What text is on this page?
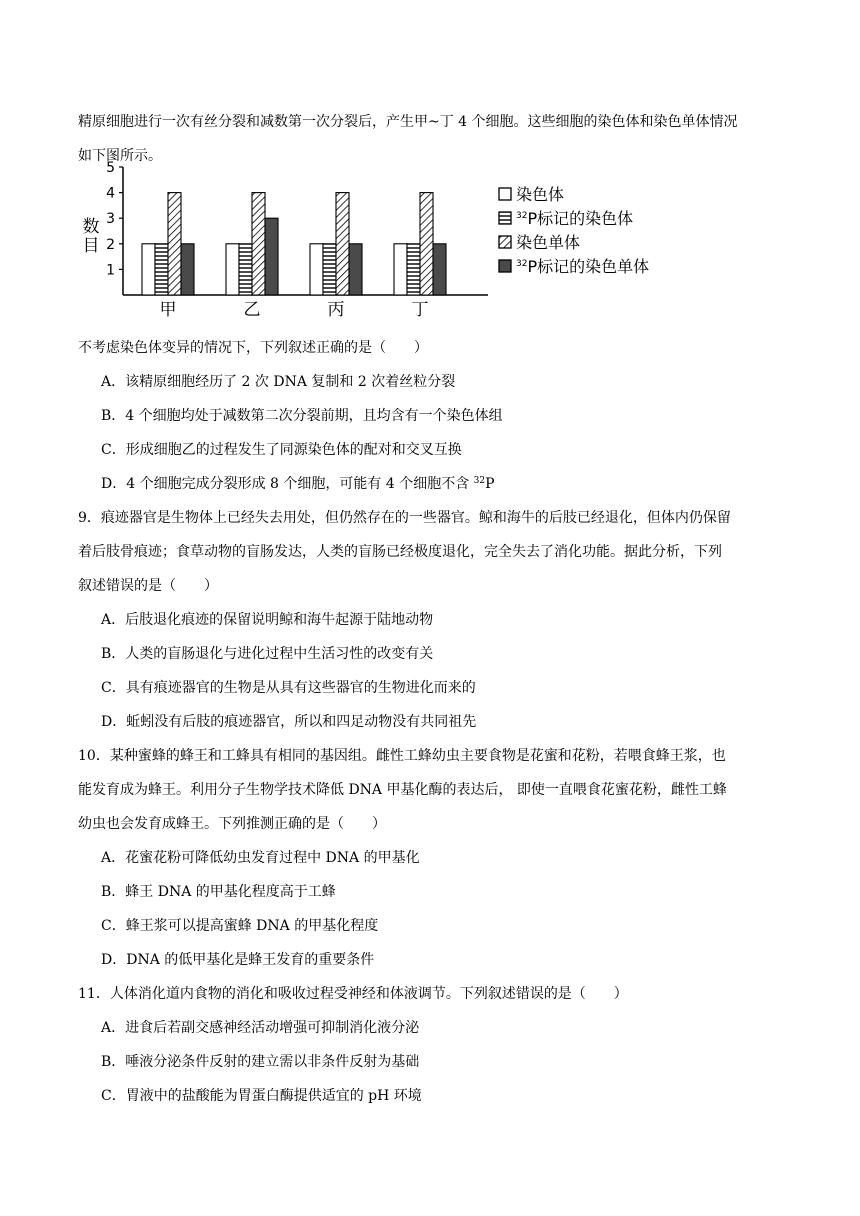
精原细胞进行一次有丝分裂和减数第一次分裂后，产生甲~丁 4 个细胞。这些细胞的染色体和染色单体情况
如下图所示。
数
目
1
2
3
4
5
甲	乙	丙	丁
染色体
$^{32}$P标记的染色体
染色单体
$^{32}$P标记的染色单体
不考虑染色体变异的情况下，下列叙述正确的是（　　）
A．该精原细胞经历了 2 次 DNA 复制和 2 次着丝粒分裂
B．4 个细胞均处于减数第二次分裂前期，且均含有一个染色体组
C．形成细胞乙的过程发生了同源染色体的配对和交叉互换
D．4 个细胞完成分裂形成 8 个细胞，可能有 4 个细胞不含 $^{32}$P
9．痕迹器官是生物体上已经失去用处，但仍然存在的一些器官。鲸和海牛的后肢已经退化，但体内仍保留
着后肢骨痕迹；食草动物的盲肠发达，人类的盲肠已经极度退化，完全失去了消化功能。据此分析，下列
叙述错误的是（　　）
A．后肢退化痕迹的保留说明鲸和海牛起源于陆地动物
B．人类的盲肠退化与进化过程中生活习性的改变有关
C．具有痕迹器官的生物是从具有这些器官的生物进化而来的
D．蚯蚓没有后肢的痕迹器官，所以和四足动物没有共同祖先
10．某种蜜蜂的蜂王和工蜂具有相同的基因组。雌性工蜂幼虫主要食物是花蜜和花粉，若喂食蜂王浆，也
能发育成为蜂王。利用分子生物学技术降低 DNA 甲基化酶的表达后， 即使一直喂食花蜜花粉，雌性工蜂
幼虫也会发育成蜂王。下列推测正确的是（　　）
A．花蜜花粉可降低幼虫发育过程中 DNA 的甲基化
B．蜂王 DNA 的甲基化程度高于工蜂
C．蜂王浆可以提高蜜蜂 DNA 的甲基化程度
D．DNA 的低甲基化是蜂王发育的重要条件
11．人体消化道内食物的消化和吸收过程受神经和体液调节。下列叙述错误的是（　　）
A．进食后若副交感神经活动增强可抑制消化液分泌
B．唾液分泌条件反射的建立需以非条件反射为基础
C．胃液中的盐酸能为胃蛋白酶提供适宜的 pH 环境
